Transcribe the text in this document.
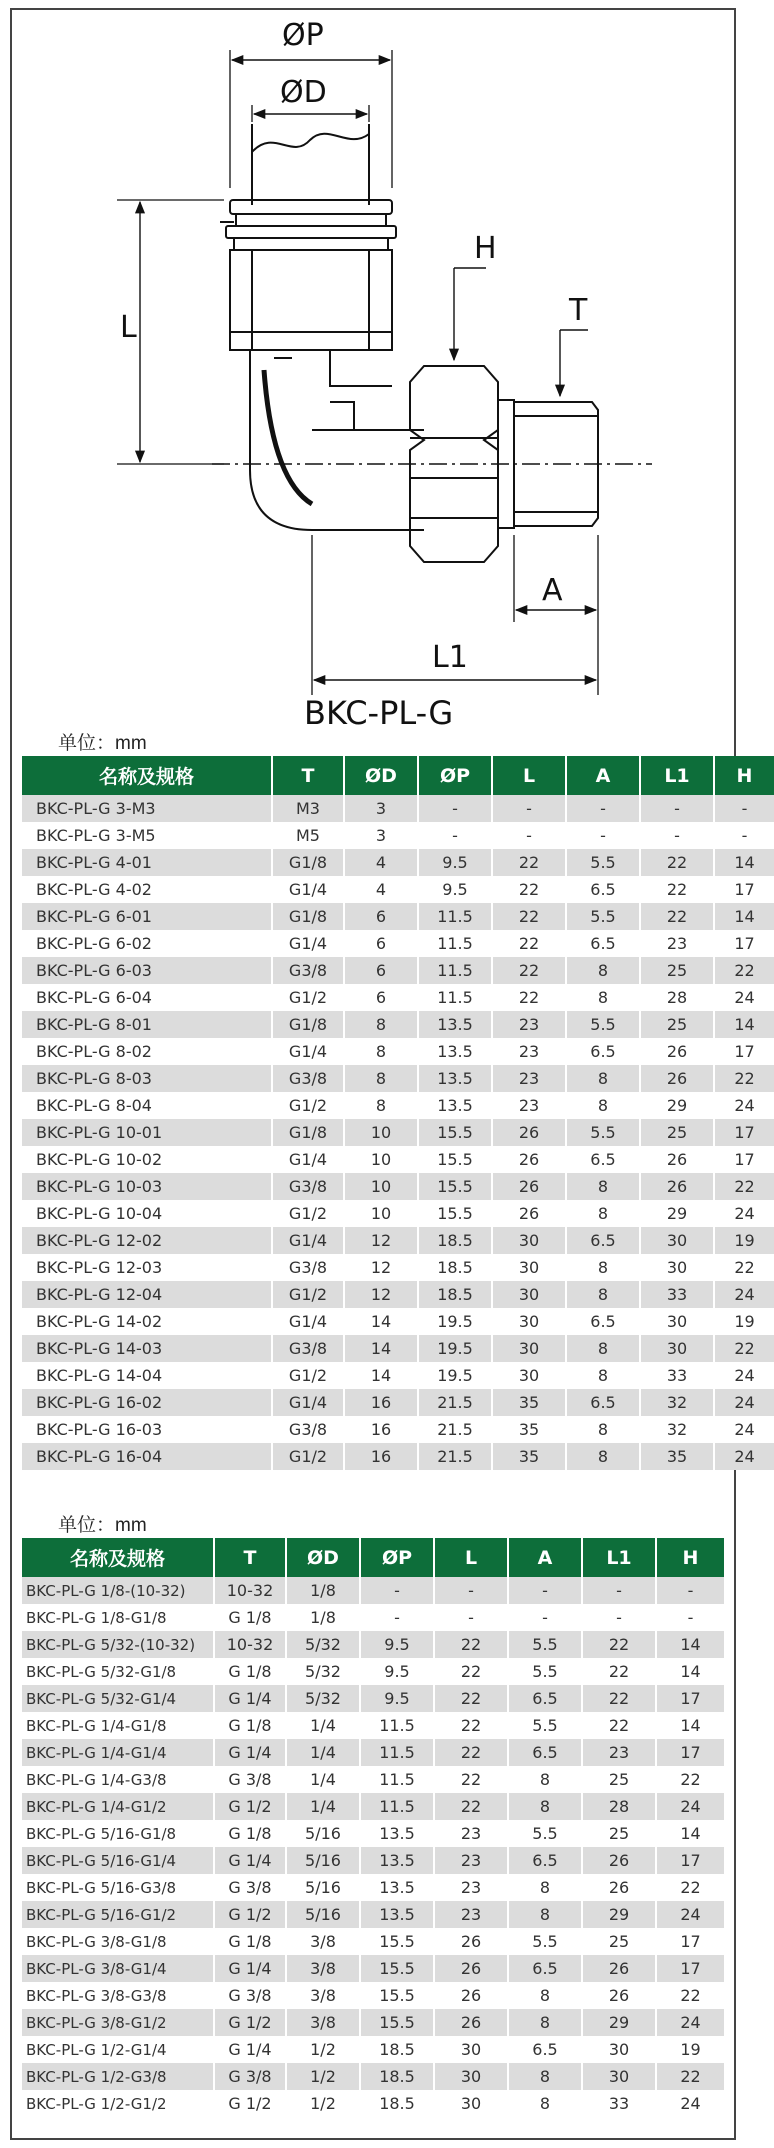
ØP
ØD
L
H
T
A
L1
BKC-PL-G
单位：mm
名称及规格	T	ØD	ØP	L	A	L1	H
BKC-PL-G 3-M3	M3	3	-	-	-	-	-
BKC-PL-G 3-M5	M5	3	-	-	-	-	-
BKC-PL-G 4-01	G1/8	4	9.5	22	5.5	22	14
BKC-PL-G 4-02	G1/4	4	9.5	22	6.5	22	17
BKC-PL-G 6-01	G1/8	6	11.5	22	5.5	22	14
BKC-PL-G 6-02	G1/4	6	11.5	22	6.5	23	17
BKC-PL-G 6-03	G3/8	6	11.5	22	8	25	22
BKC-PL-G 6-04	G1/2	6	11.5	22	8	28	24
BKC-PL-G 8-01	G1/8	8	13.5	23	5.5	25	14
BKC-PL-G 8-02	G1/4	8	13.5	23	6.5	26	17
BKC-PL-G 8-03	G3/8	8	13.5	23	8	26	22
BKC-PL-G 8-04	G1/2	8	13.5	23	8	29	24
BKC-PL-G 10-01	G1/8	10	15.5	26	5.5	25	17
BKC-PL-G 10-02	G1/4	10	15.5	26	6.5	26	17
BKC-PL-G 10-03	G3/8	10	15.5	26	8	26	22
BKC-PL-G 10-04	G1/2	10	15.5	26	8	29	24
BKC-PL-G 12-02	G1/4	12	18.5	30	6.5	30	19
BKC-PL-G 12-03	G3/8	12	18.5	30	8	30	22
BKC-PL-G 12-04	G1/2	12	18.5	30	8	33	24
BKC-PL-G 14-02	G1/4	14	19.5	30	6.5	30	19
BKC-PL-G 14-03	G3/8	14	19.5	30	8	30	22
BKC-PL-G 14-04	G1/2	14	19.5	30	8	33	24
BKC-PL-G 16-02	G1/4	16	21.5	35	6.5	32	24
BKC-PL-G 16-03	G3/8	16	21.5	35	8	32	24
BKC-PL-G 16-04	G1/2	16	21.5	35	8	35	24
单位：mm
名称及规格	T	ØD	ØP	L	A	L1	H
BKC-PL-G 1/8-(10-32)	10-32	1/8	-	-	-	-	-
BKC-PL-G 1/8-G1/8	G 1/8	1/8	-	-	-	-	-
BKC-PL-G 5/32-(10-32)	10-32	5/32	9.5	22	5.5	22	14
BKC-PL-G 5/32-G1/8	G 1/8	5/32	9.5	22	5.5	22	14
BKC-PL-G 5/32-G1/4	G 1/4	5/32	9.5	22	6.5	22	17
BKC-PL-G 1/4-G1/8	G 1/8	1/4	11.5	22	5.5	22	14
BKC-PL-G 1/4-G1/4	G 1/4	1/4	11.5	22	6.5	23	17
BKC-PL-G 1/4-G3/8	G 3/8	1/4	11.5	22	8	25	22
BKC-PL-G 1/4-G1/2	G 1/2	1/4	11.5	22	8	28	24
BKC-PL-G 5/16-G1/8	G 1/8	5/16	13.5	23	5.5	25	14
BKC-PL-G 5/16-G1/4	G 1/4	5/16	13.5	23	6.5	26	17
BKC-PL-G 5/16-G3/8	G 3/8	5/16	13.5	23	8	26	22
BKC-PL-G 5/16-G1/2	G 1/2	5/16	13.5	23	8	29	24
BKC-PL-G 3/8-G1/8	G 1/8	3/8	15.5	26	5.5	25	17
BKC-PL-G 3/8-G1/4	G 1/4	3/8	15.5	26	6.5	26	17
BKC-PL-G 3/8-G3/8	G 3/8	3/8	15.5	26	8	26	22
BKC-PL-G 3/8-G1/2	G 1/2	3/8	15.5	26	8	29	24
BKC-PL-G 1/2-G1/4	G 1/4	1/2	18.5	30	6.5	30	19
BKC-PL-G 1/2-G3/8	G 3/8	1/2	18.5	30	8	30	22
BKC-PL-G 1/2-G1/2	G 1/2	1/2	18.5	30	8	33	24
